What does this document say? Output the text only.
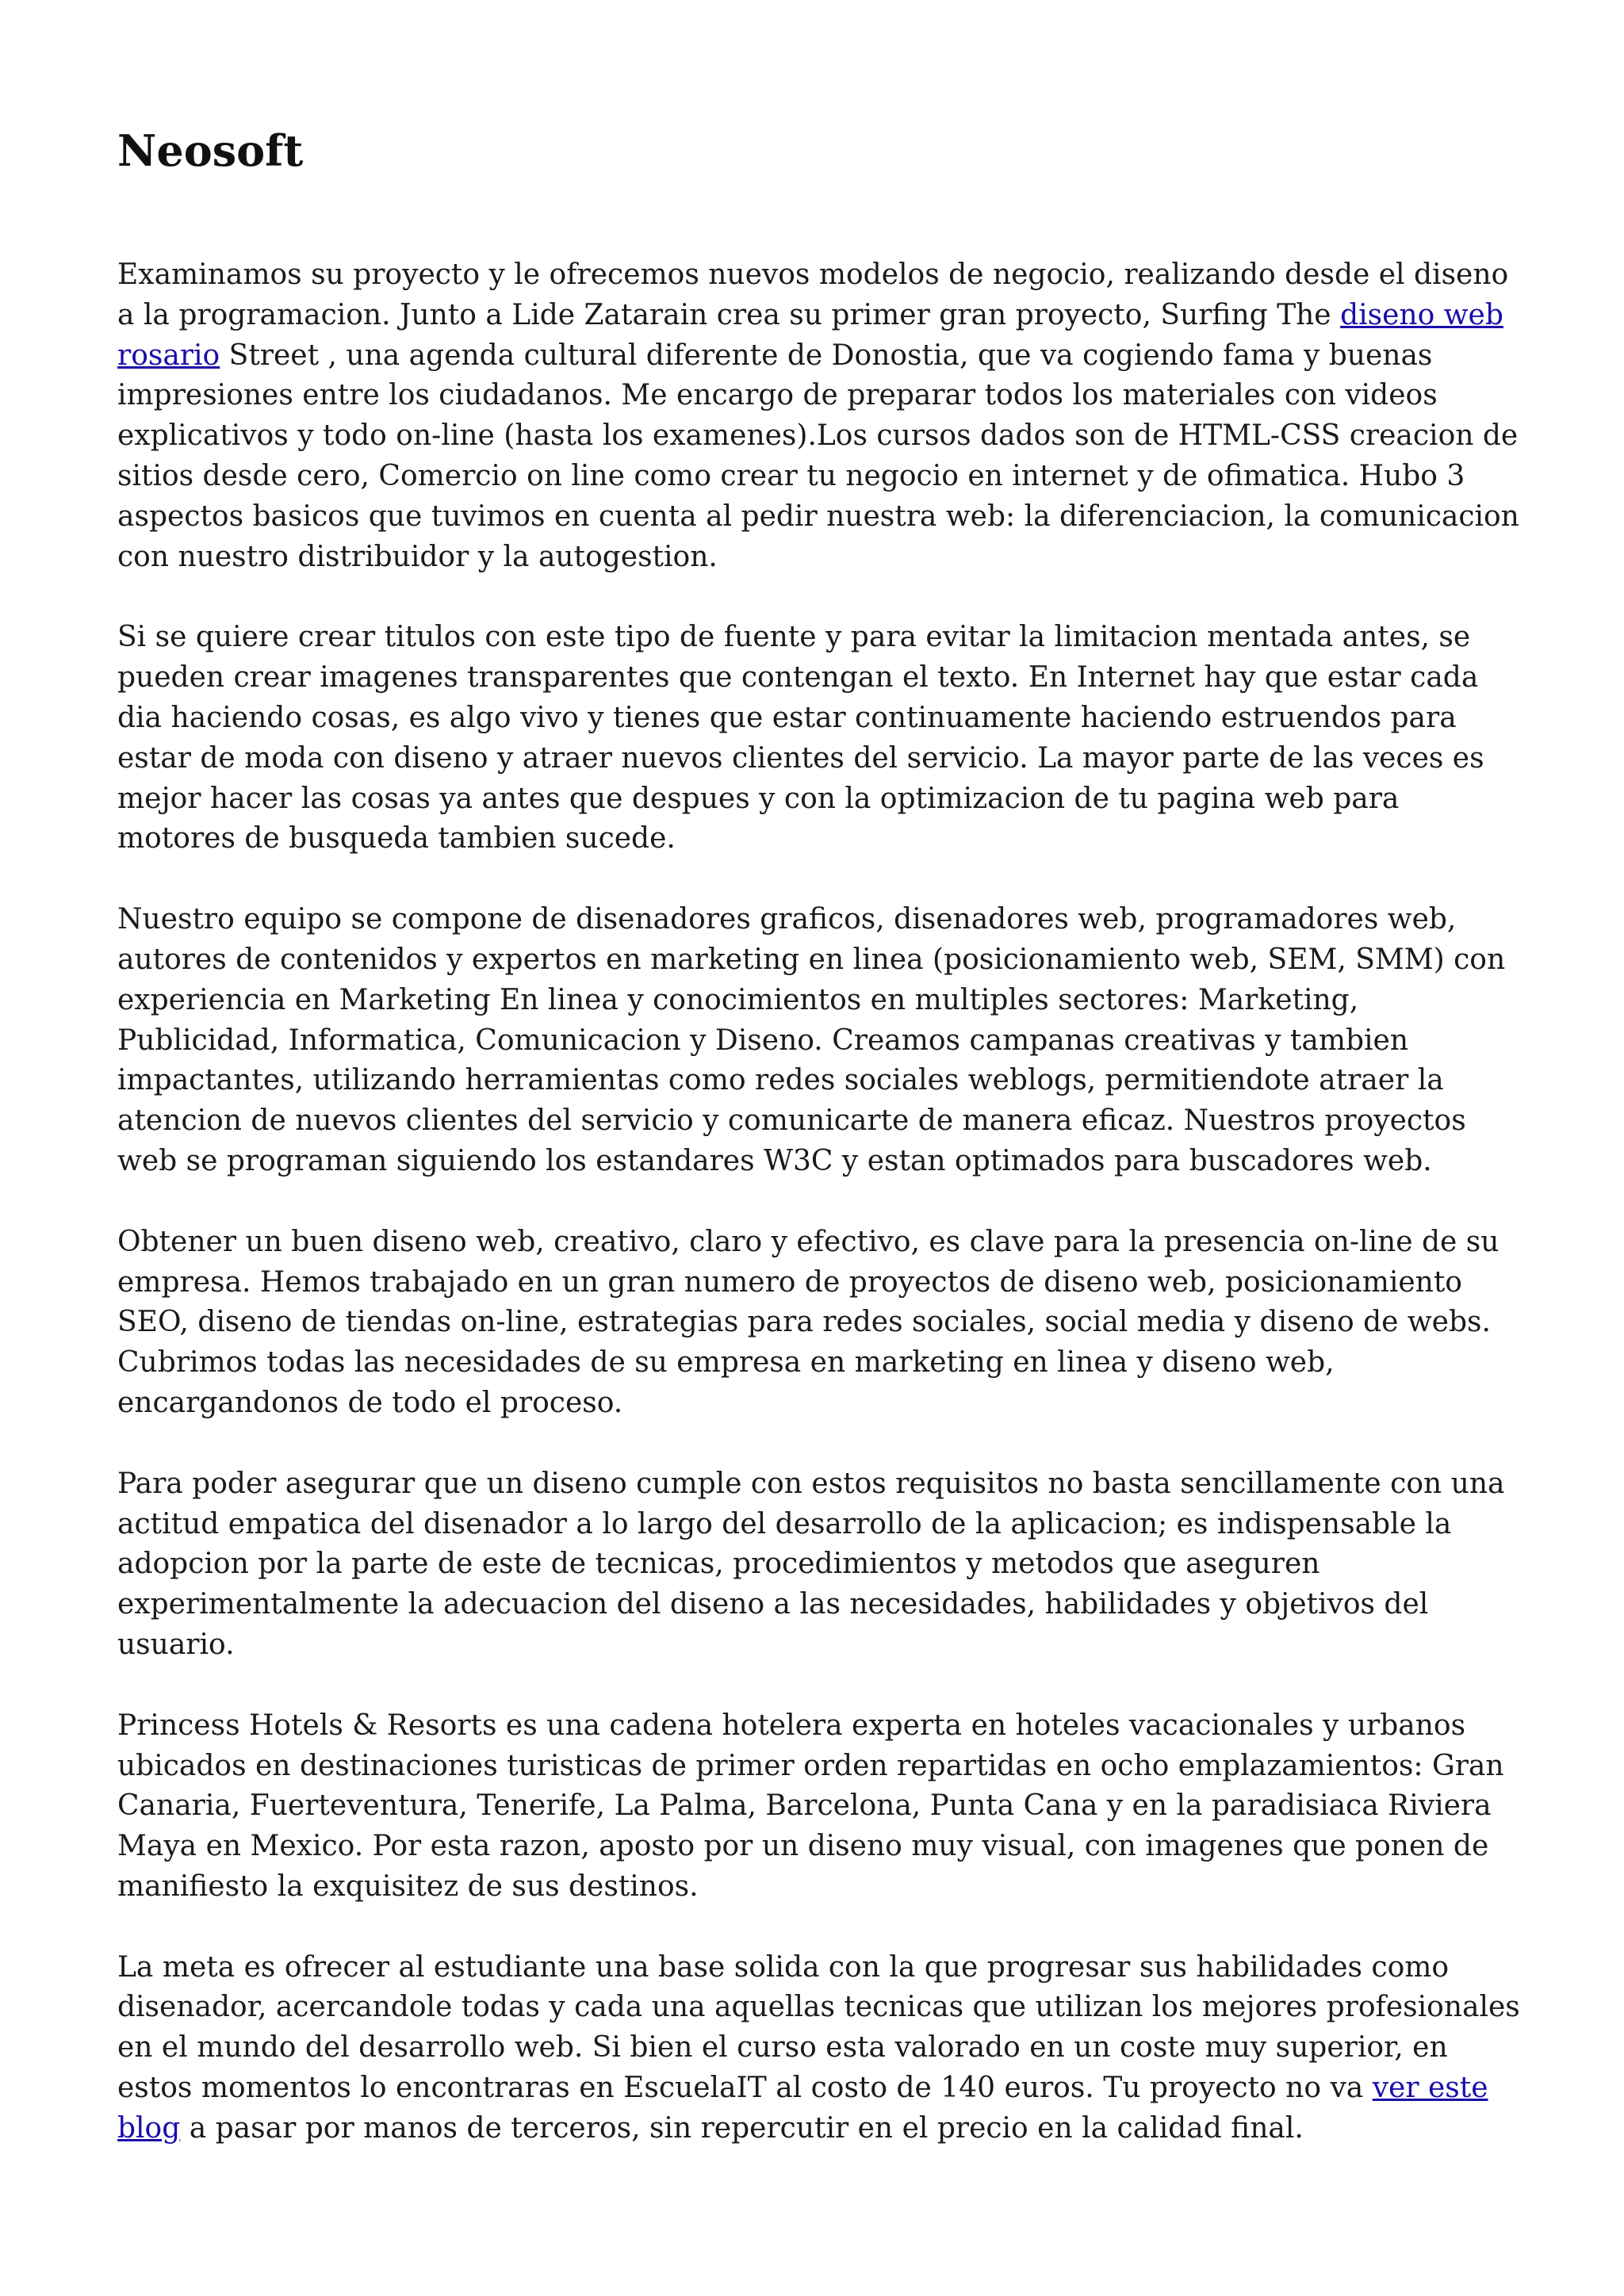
Neosoft

Examinamos su proyecto y le ofrecemos nuevos modelos de negocio, realizando desde el diseno a la programacion. Junto a Lide Zatarain crea su primer gran proyecto, Surfing The diseno web rosario Street , una agenda cultural diferente de Donostia, que va cogiendo fama y buenas impresiones entre los ciudadanos. Me encargo de preparar todos los materiales con videos explicativos y todo on-line (hasta los examenes).Los cursos dados son de HTML-CSS creacion de sitios desde cero, Comercio on line como crear tu negocio en internet y de ofimatica. Hubo 3 aspectos basicos que tuvimos en cuenta al pedir nuestra web: la diferenciacion, la comunicacion con nuestro distribuidor y la autogestion.

Si se quiere crear titulos con este tipo de fuente y para evitar la limitacion mentada antes, se pueden crear imagenes transparentes que contengan el texto. En Internet hay que estar cada dia haciendo cosas, es algo vivo y tienes que estar continuamente haciendo estruendos para estar de moda con diseno y atraer nuevos clientes del servicio. La mayor parte de las veces es mejor hacer las cosas ya antes que despues y con la optimizacion de tu pagina web para motores de busqueda tambien sucede.

Nuestro equipo se compone de disenadores graficos, disenadores web, programadores web, autores de contenidos y expertos en marketing en linea (posicionamiento web, SEM, SMM) con experiencia en Marketing En linea y conocimientos en multiples sectores: Marketing, Publicidad, Informatica, Comunicacion y Diseno. Creamos campanas creativas y tambien impactantes, utilizando herramientas como redes sociales weblogs, permitiendote atraer la atencion de nuevos clientes del servicio y comunicarte de manera eficaz. Nuestros proyectos web se programan siguiendo los estandares W3C y estan optimados para buscadores web.

Obtener un buen diseno web, creativo, claro y efectivo, es clave para la presencia on-line de su empresa. Hemos trabajado en un gran numero de proyectos de diseno web, posicionamiento SEO, diseno de tiendas on-line, estrategias para redes sociales, social media y diseno de webs. Cubrimos todas las necesidades de su empresa en marketing en linea y diseno web, encargandonos de todo el proceso.

Para poder asegurar que un diseno cumple con estos requisitos no basta sencillamente con una actitud empatica del disenador a lo largo del desarrollo de la aplicacion; es indispensable la adopcion por la parte de este de tecnicas, procedimientos y metodos que aseguren experimentalmente la adecuacion del diseno a las necesidades, habilidades y objetivos del usuario.

Princess Hotels & Resorts es una cadena hotelera experta en hoteles vacacionales y urbanos ubicados en destinaciones turisticas de primer orden repartidas en ocho emplazamientos: Gran Canaria, Fuerteventura, Tenerife, La Palma, Barcelona, Punta Cana y en la paradisiaca Riviera Maya en Mexico. Por esta razon, aposto por un diseno muy visual, con imagenes que ponen de manifiesto la exquisitez de sus destinos.

La meta es ofrecer al estudiante una base solida con la que progresar sus habilidades como disenador, acercandole todas y cada una aquellas tecnicas que utilizan los mejores profesionales en el mundo del desarrollo web. Si bien el curso esta valorado en un coste muy superior, en estos momentos lo encontraras en EscuelaIT al costo de 140 euros. Tu proyecto no va ver este blog a pasar por manos de terceros, sin repercutir en el precio en la calidad final.
